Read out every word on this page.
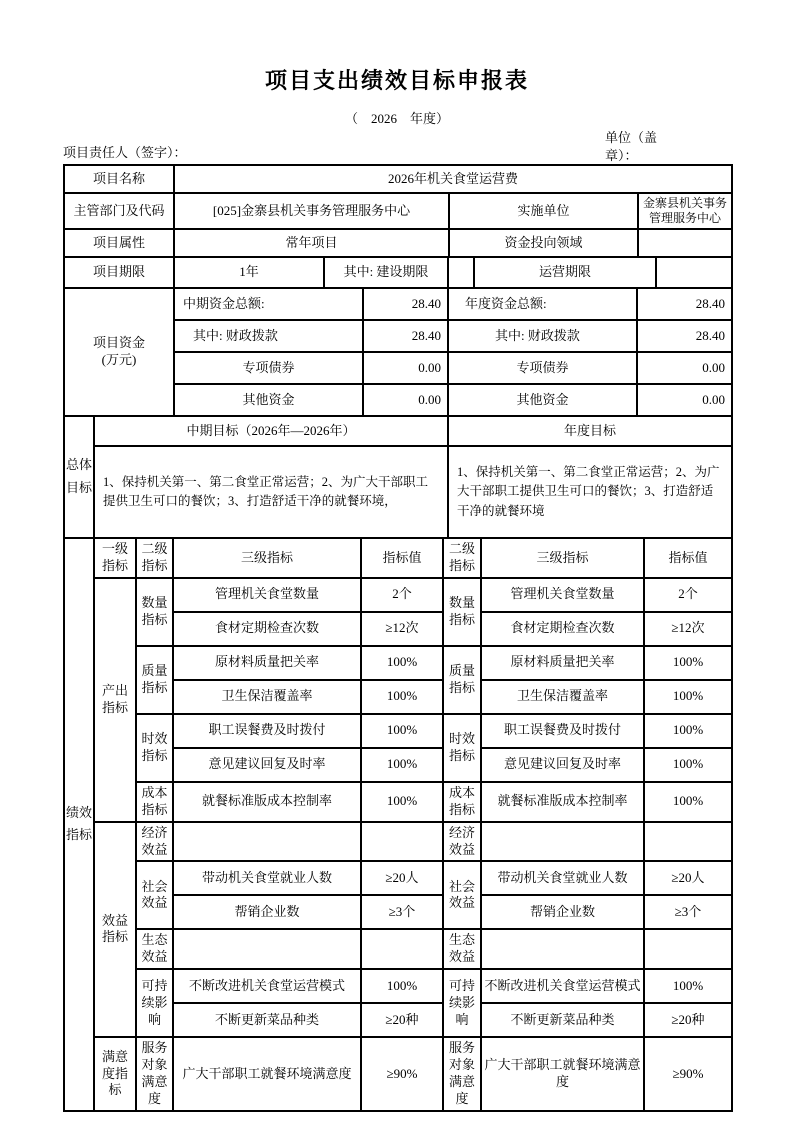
项目支出绩效目标申报表
（　2026　年度）
项目责任人（签字）：
单位（盖章）：
项目名称	2026年机关食堂运营费		
主管部门及代码	[025]金寨县机关事务管理服务中心	实施单位	金寨县机关事务管理服务中心
项目属性	常年项目	资金投向领域	
项目期限	1年	其中: 建设期限		运营期限	
项目资金
(万元)	中期资金总额:	28.40	年度资金总额:	28.40
	其中: 财政拨款	28.40	其中: 财政拨款	28.40
	专项债券	0.00	专项债券	0.00
	其他资金	0.00	其他资金	0.00
总体目标	中期目标（2026年—2026年）	年度目标
	1、保持机关第一、第二食堂正常运营；2、为广大干部职工提供卫生可口的餐饮；3、打造舒适干净的就餐环境，	1、保持机关第一、第二食堂正常运营；2、为广大干部职工提供卫生可口的餐饮；3、打造舒适干净的就餐环境
绩效指标	一级指标	二级指标	三级指标	指标值	二级指标	三级指标	指标值
	产出指标	数量指标	管理机关食堂数量	2个	数量指标	管理机关食堂数量	2个
			食材定期检查次数	≥12次		食材定期检查次数	≥12次
		质量指标	原材料质量把关率	100%	质量指标	原材料质量把关率	100%
			卫生保洁覆盖率	100%		卫生保洁覆盖率	100%
		时效指标	职工误餐费及时拨付	100%	时效指标	职工误餐费及时拨付	100%
			意见建议回复及时率	100%		意见建议回复及时率	100%
		成本指标	就餐标准版成本控制率	100%	成本指标	就餐标准版成本控制率	100%
	效益指标	经济效益			经济效益		
		社会效益	带动机关食堂就业人数	≥20人	社会效益	带动机关食堂就业人数	≥20人
			帮销企业数	≥3个		帮销企业数	≥3个
		生态效益			生态效益		
		可持续影响	不断改进机关食堂运营模式	100%	可持续影响	不断改进机关食堂运营模式	100%
			不断更新菜品种类	≥20种		不断更新菜品种类	≥20种
	满意度指标	服务对象满意度	广大干部职工就餐环境满意度	≥90%	服务对象满意度	广大干部职工就餐环境满意度	≥90%
